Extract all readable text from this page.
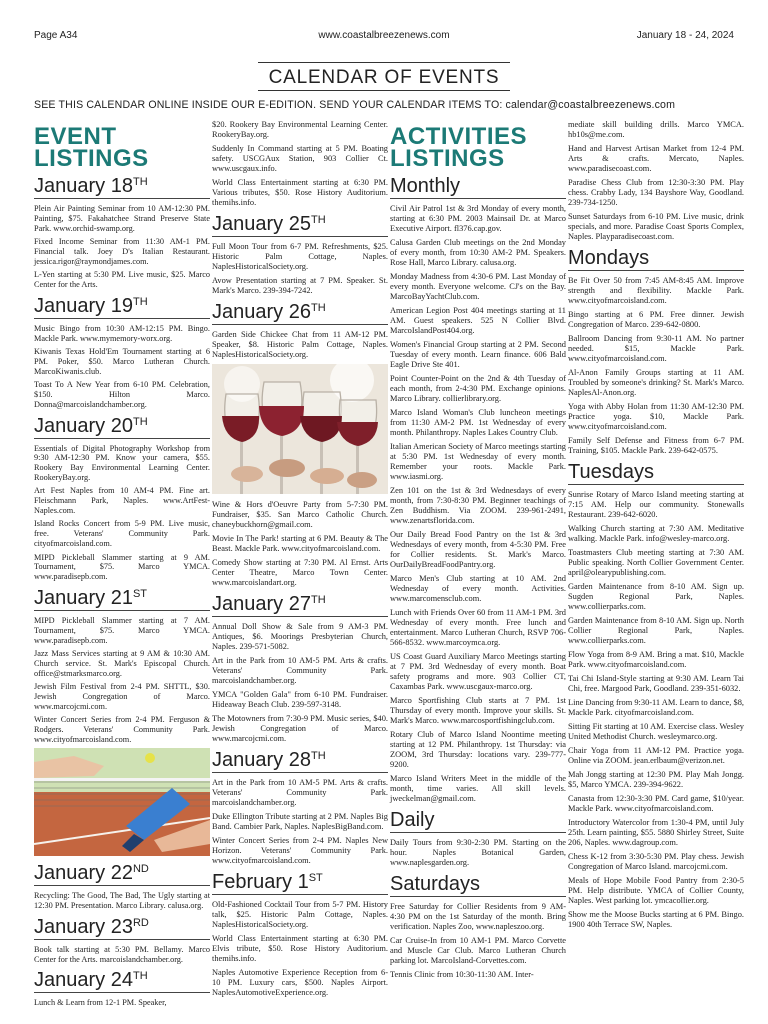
Page A34	www.coastalbreezenews.com	January 18 - 24, 2024
CALENDAR OF EVENTS
SEE THIS CALENDAR ONLINE INSIDE OUR E-EDITION. SEND YOUR CALENDAR ITEMS TO: calendar@coastalbreezenews.com
EVENT
LISTINGS
January 18TH

Plein Air Painting Seminar from 10 AM-12:30 PM. Painting, $75. Fakahatchee Strand Preserve State Park. www.orchid-swamp.org.

Fixed Income Seminar from 11:30 AM-1 PM. Financial talk. Joey D's Italian Restaurant. jessica.rigor@raymondjames.com.

L-Yen starting at 5:30 PM. Live music, $25. Marco Center for the Arts.

January 19TH

Music Bingo from 10:30 AM-12:15 PM. Bingo. Mackle Park. www.mymemory-worx.org.

Kiwanis Texas Hold'Em Tournament starting at 6 PM. Poker, $50. Marco Lutheran Church. MarcoKiwanis.club.

Toast To A New Year from 6-10 PM. Celebration, $150. Hilton Marco. Donna@marcoislandchamber.org.

January 20TH

Essentials of Digital Photography Workshop from 9:30 AM-12:30 PM. Know your camera, $55. Rookery Bay Environmental Learning Center. RookeryBay.org.

Art Fest Naples from 10 AM-4 PM. Fine art. Fleischmann Park, Naples. www.ArtFest-Naples.com.

Island Rocks Concert from 5-9 PM. Live music, free. Veterans' Community Park. cityofmarcoisland.com.

MIPD Pickleball Slammer starting at 9 AM. Tournament, $75. Marco YMCA. www.paradisepb.com.

January 21ST

MIPD Pickleball Slammer starting at 7 AM. Tournament, $75. Marco YMCA. www.paradisepb.com.

Jazz Mass Services starting at 9 AM & 10:30 AM. Church service. St. Mark's Episcopal Church. office@stmarksmarco.org.

Jewish Film Festival from 2-4 PM. SHTTL, $30. Jewish Congregation of Marco. www.marcojcmi.com.

Winter Concert Series from 2-4 PM. Ferguson & Rodgers. Veterans' Community Park. www.cityofmarcoisland.com.

January 22ND

Recycling: The Good, The Bad, The Ugly starting at 12:30 PM. Presentation. Marco Library. calusa.org.

January 23RD

Book talk starting at 5:30 PM. Bellamy. Marco Center for the Arts. marcoislandchamber.org.

January 24TH

Lunch & Learn from 12-1 PM. Speaker,

$20. Rookery Bay Environmental Learning Center. RookeryBay.org.

Suddenly In Command starting at 5 PM. Boating safety. USCGAux Station, 903 Collier Ct. www.uscgaux.info.

World Class Entertainment starting at 6:30 PM. Various tributes, $50. Rose History Auditorium. themihs.info.

January 25TH

Full Moon Tour from 6-7 PM. Refreshments, $25. Historic Palm Cottage, Naples. NaplesHistoricalSociety.org.

Avow Presentation starting at 7 PM. Speaker. St. Mark's Marco. 239-394-7242.

January 26TH

Garden Side Chickee Chat from 11 AM-12 PM. Speaker, $8. Historic Palm Cottage, Naples. NaplesHistoricalSociety.org.

Wine & Hors d'Oeuvre Party from 5-7:30 PM. Fundraiser, $35. San Marco Catholic Church. chaneybuckhorn@gmail.com.

Movie In The Park! starting at 6 PM. Beauty & The Beast. Mackle Park. www.cityofmarcoisland.com.

Comedy Show starting at 7:30 PM. Al Ernst. Arts Center Theatre, Marco Town Center. www.marcoislandart.org.

January 27TH

Annual Doll Show & Sale from 9 AM-3 PM. Antiques, $6. Moorings Presbyterian Church, Naples. 239-571-5082.

Art in the Park from 10 AM-5 PM. Arts & crafts. Veterans' Community Park. marcoislandchamber.org.

YMCA "Golden Gala" from 6-10 PM. Fundraiser. Hideaway Beach Club. 239-597-3148.

The Motowners from 7:30-9 PM. Music series, $40. Jewish Congregation of Marco. www.marcojcmi.com.

January 28TH

Art in the Park from 10 AM-5 PM. Arts & crafts. Veterans' Community Park. marcoislandchamber.org.

Duke Ellington Tribute starting at 2 PM. Naples Big Band. Cambier Park, Naples. NaplesBigBand.com.

Winter Concert Series from 2-4 PM. Naples New Horizon. Veterans' Community Park. www.cityofmarcoisland.com.

February 1ST

Old-Fashioned Cocktail Tour from 5-7 PM. History talk, $25. Historic Palm Cottage, Naples. NaplesHistoricalSociety.org.

World Class Entertainment starting at 6:30 PM. Elvis tribute, $50. Rose History Auditorium. themihs.info.

Naples Automotive Experience Reception from 6-10 PM. Luxury cars, $500. Naples Airport. NaplesAutomotiveExperience.org.

ACTIVITIES
LISTINGS
Monthly

Civil Air Patrol 1st & 3rd Monday of every month, starting at 6:30 PM. 2003 Mainsail Dr. at Marco Executive Airport. fl376.cap.gov.

Calusa Garden Club meetings on the 2nd Monday of every month, from 10:30 AM-2 PM. Speakers. Rose Hall, Marco Library. calusa.org.

Monday Madness from 4:30-6 PM. Last Monday of every month. Everyone welcome. CJ's on the Bay. MarcoBayYachtClub.com.

American Legion Post 404 meetings starting at 11 AM. Guest speakers. 525 N Collier Blvd. MarcoIslandPost404.org.

Women's Financial Group starting at 2 PM. Second Tuesday of every month. Learn finance. 606 Bald Eagle Drive Ste 401.

Point Counter-Point on the 2nd & 4th Tuesday of each month, from 2-4:30 PM. Exchange opinions. Marco Library. collierlibrary.org.

Marco Island Woman's Club luncheon meetings from 11:30 AM-2 PM. 1st Wednesday of every month. Philanthropy. Naples Lakes Country Club.

Italian American Society of Marco meetings starting at 5:30 PM. 1st Wednesday of every month. Remember your roots. Mackle Park. www.iasmi.org.

Zen 101 on the 1st & 3rd Wednesdays of every month, from 7:30-8:30 PM. Beginner teachings of Zen Buddhism. Via ZOOM. 239-961-2491, www.zenartsflorida.com.

Our Daily Bread Food Pantry on the 1st & 3rd Wednesdays of every month, from 4-5:30 PM. Free for Collier residents. St. Mark's Marco. OurDailyBreadFoodPantry.org.

Marco Men's Club starting at 10 AM. 2nd Wednesday of every month. Activities. www.marcomensclub.com.

Lunch with Friends Over 60 from 11 AM-1 PM. 3rd Wednesday of every month. Free lunch and entertainment. Marco Lutheran Church, RSVP 706-566-8532. www.marcoymca.org.

US Coast Guard Auxiliary Marco Meetings starting at 7 PM. 3rd Wednesday of every month. Boat safety programs and more. 903 Collier CT, Caxambas Park. www.uscgaux-marco.org.

Marco Sportfishing Club starts at 7 PM. 1st Thursday of every month. Improve your skills. St. Mark's Marco. www.marcosportfishingclub.com.

Rotary Club of Marco Island Noontime meeting starting at 12 PM. Philanthropy. 1st Thursday: via ZOOM, 3rd Thursday: locations vary. 239-777-9200.

Marco Island Writers Meet in the middle of the month, time varies. All skill levels. jweckelman@gmail.com.

Daily

Daily Tours from 9:30-2:30 PM. Starting on the hour. Naples Botanical Garden, www.naplesgarden.org.

Saturdays

Free Saturday for Collier Residents from 9 AM-4:30 PM on the 1st Saturday of the month. Bring verification. Naples Zoo, www.napleszoo.org.

Car Cruise-In from 10 AM-1 PM. Marco Corvette and Muscle Car Club. Marco Lutheran Church parking lot. MarcoIsland-Corvettes.com.

Tennis Clinic from 10:30-11:30 AM. Inter-

mediate skill building drills. Marco YMCA. hb10s@me.com.

Hand and Harvest Artisan Market from 12-4 PM. Arts & crafts. Mercato, Naples. www.paradisecoast.com.

Paradise Chess Club from 12:30-3:30 PM. Play chess. Crabby Lady, 134 Bayshore Way, Goodland. 239-734-1250.

Sunset Saturdays from 6-10 PM. Live music, drink specials, and more. Paradise Coast Sports Complex, Naples. Playparadisecoast.com.

Mondays

Be Fit Over 50 from 7:45 AM-8:45 AM. Improve strength and flexibility. Mackle Park. www.cityofmarcoisland.com.

Bingo starting at 6 PM. Free dinner. Jewish Congregation of Marco. 239-642-0800.

Ballroom Dancing from 9:30-11 AM. No partner needed. $15, Mackle Park. www.cityofmarcoisland.com.

Al-Anon Family Groups starting at 11 AM. Troubled by someone's drinking? St. Mark's Marco. NaplesAl-Anon.org.

Yoga with Abby Holan from 11:30 AM-12:30 PM. Practice yoga. $10, Mackle Park. www.cityofmarcoisland.com.

Family Self Defense and Fitness from 6-7 PM. Training, $105. Mackle Park. 239-642-0575.

Tuesdays

Sunrise Rotary of Marco Island meeting starting at 7:15 AM. Help our community. Stonewalls Restaurant. 239-642-6020.

Walking Church starting at 7:30 AM. Meditative walking. Mackle Park. info@wesley-marco.org.

Toastmasters Club meeting starting at 7:30 AM. Public speaking. North Collier Government Center. april@olearypublishing.com.

Garden Maintenance from 8-10 AM. Sign up. Sugden Regional Park, Naples. www.collierparks.com.

Garden Maintenance from 8-10 AM. Sign up. North Collier Regional Park, Naples. www.collierparks.com.

Flow Yoga from 8-9 AM. Bring a mat. $10, Mackle Park. www.cityofmarcoisland.com.

Tai Chi Island-Style starting at 9:30 AM. Learn Tai Chi, free. Margood Park, Goodland. 239-351-6032.

Line Dancing from 9:30-11 AM. Learn to dance, $8, Mackle Park. cityofmarcoisland.com.

Sitting Fit starting at 10 AM. Exercise class. Wesley United Methodist Church. wesleymarco.org.

Chair Yoga from 11 AM-12 PM. Practice yoga. Online via ZOOM. jean.erlbaum@verizon.net.

Mah Jongg starting at 12:30 PM. Play Mah Jongg. $5, Marco YMCA. 239-394-9622.

Canasta from 12:30-3:30 PM. Card game, $10/year. Mackle Park. www.cityofmarcoisland.com.

Introductory Watercolor from 1:30-4 PM, until July 25th. Learn painting, $55. 5880 Shirley Street, Suite 206, Naples. www.dagroup.com.

Chess K-12 from 3:30-5:30 PM. Play chess. Jewish Congregation of Marco Island. marcojcmi.com.

Meals of Hope Mobile Food Pantry from 2:30-5 PM. Help distribute. YMCA of Collier County, Naples. West parking lot. ymcacollier.org.

Show me the Moose Bucks starting at 6 PM. Bingo. 1900 40th Terrace SW, Naples.
